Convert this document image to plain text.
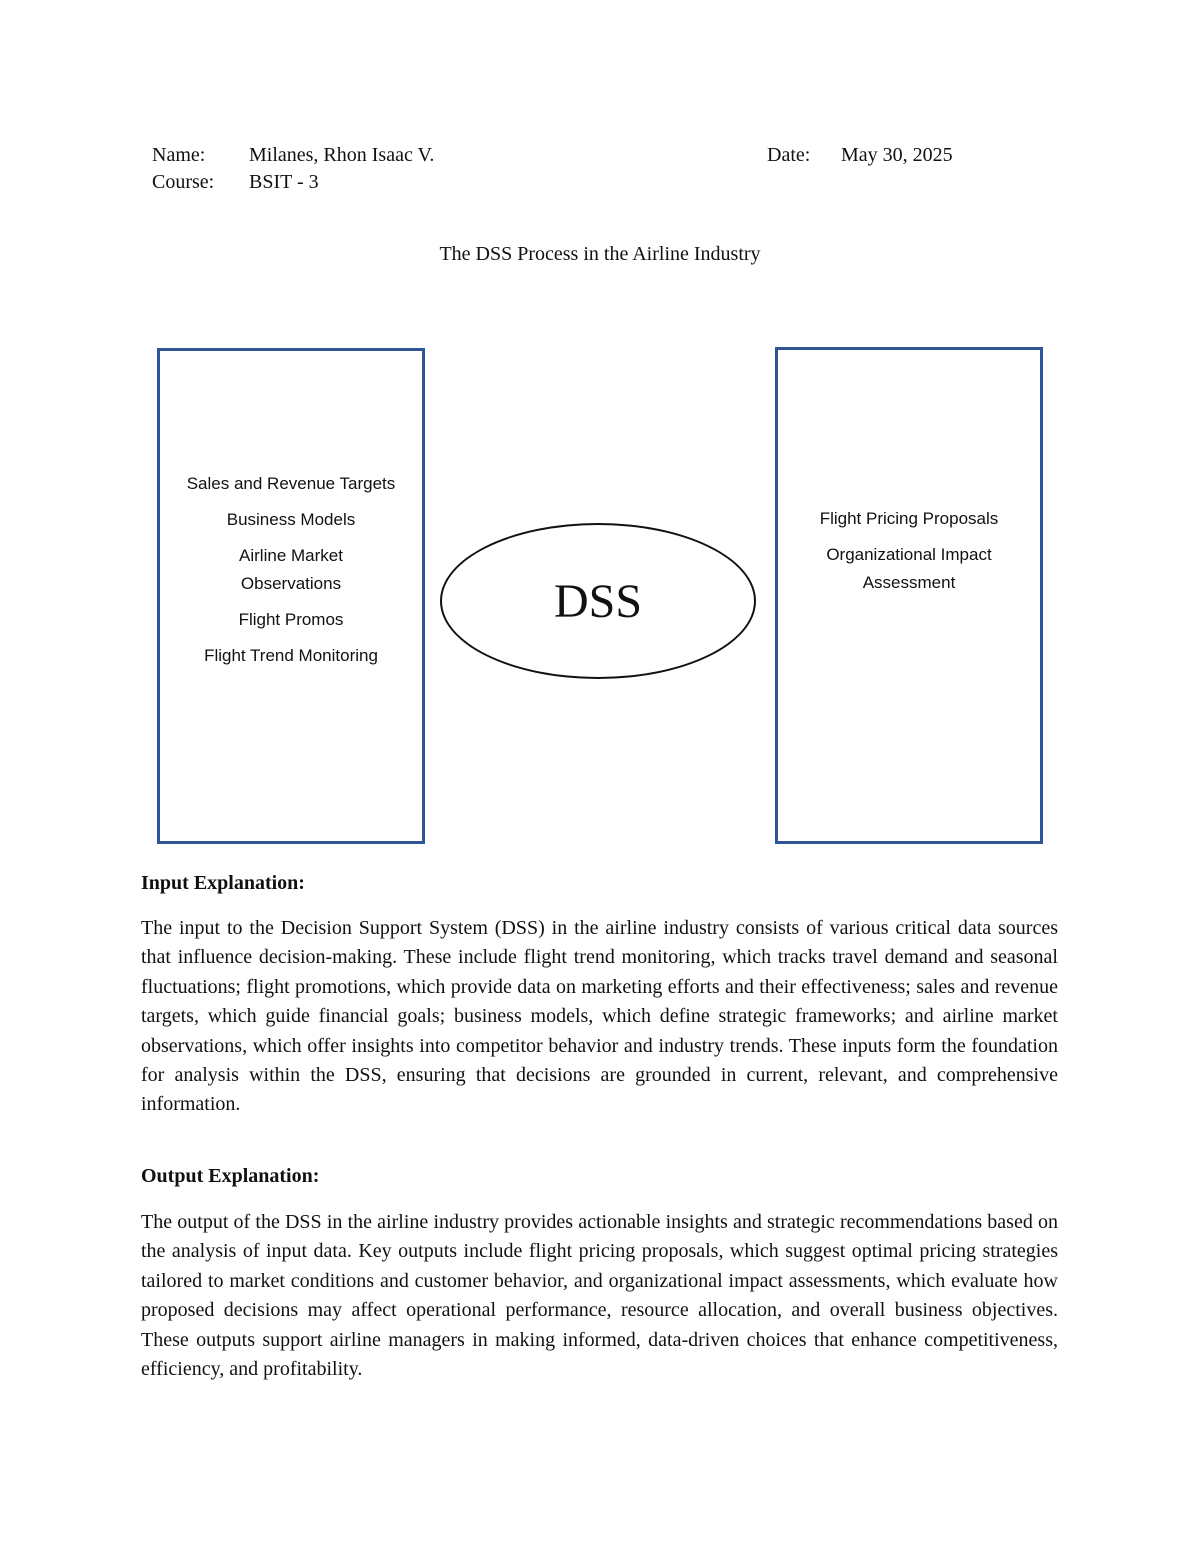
Name: Milanes, Rhon Isaac V.	Date: May 30, 2025
Course: BSIT - 3
The DSS Process in the Airline Industry
Sales and Revenue Targets
Business Models
Airline Market Observations
Flight Promos
Flight Trend Monitoring
DSS
Flight Pricing Proposals
Organizational Impact Assessment
Input Explanation:
The input to the Decision Support System (DSS) in the airline industry consists of various critical data sources that influence decision-making. These include flight trend monitoring, which tracks travel demand and seasonal fluctuations; flight promotions, which provide data on marketing efforts and their effectiveness; sales and revenue targets, which guide financial goals; business models, which define strategic frameworks; and airline market observations, which offer insights into competitor behavior and industry trends. These inputs form the foundation for analysis within the DSS, ensuring that decisions are grounded in current, relevant, and comprehensive information.
Output Explanation:
The output of the DSS in the airline industry provides actionable insights and strategic recommendations based on the analysis of input data. Key outputs include flight pricing proposals, which suggest optimal pricing strategies tailored to market conditions and customer behavior, and organizational impact assessments, which evaluate how proposed decisions may affect operational performance, resource allocation, and overall business objectives. These outputs support airline managers in making informed, data-driven choices that enhance competitiveness, efficiency, and profitability.
